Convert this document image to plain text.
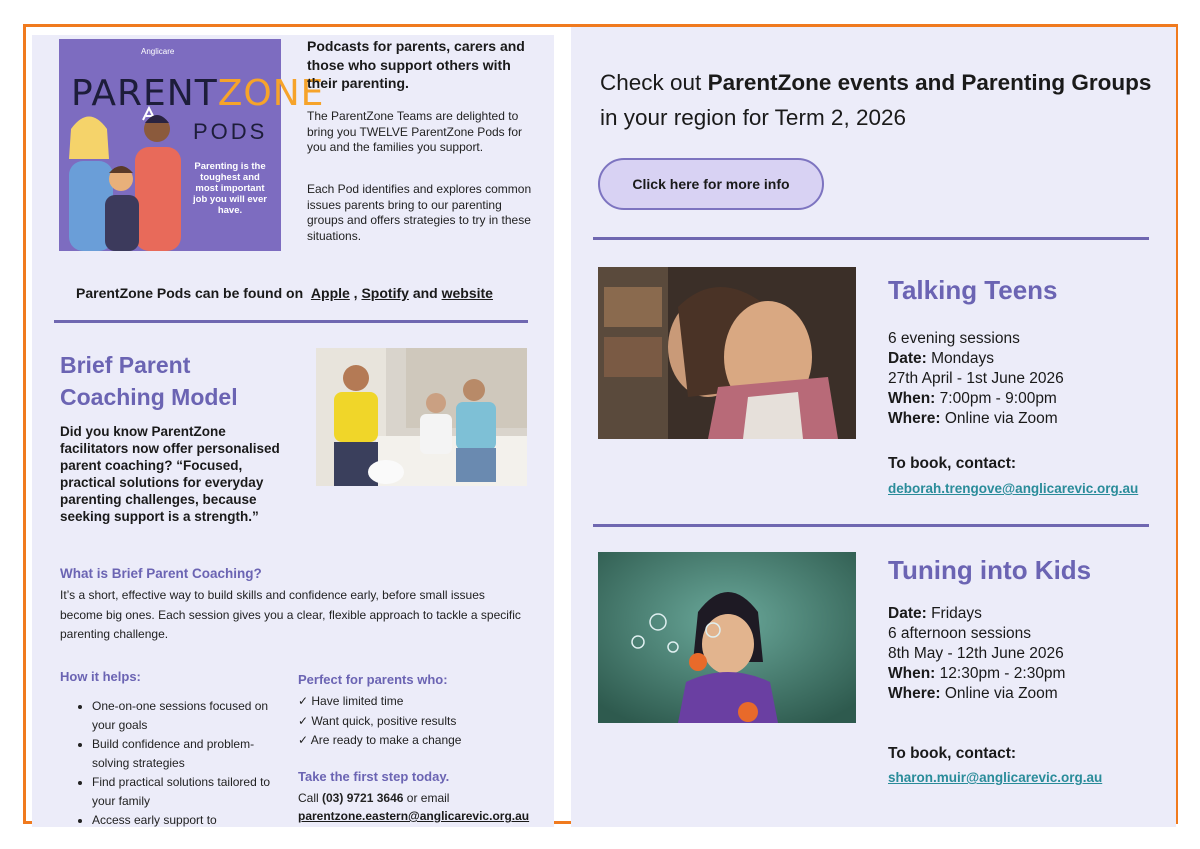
Anglicare
PARENTZONE
PODS
Parenting is the toughest and most important job you will ever have.
Podcasts for parents, carers and those who support others with their parenting.
The ParentZone Teams are delighted to bring you TWELVE ParentZone Pods for you and the families you support.
Each Pod identifies and explores common issues parents bring to our parenting groups and offers strategies to try in these situations.
ParentZone Pods can be found on Apple , Spotify and website
Brief Parent Coaching Model
Did you know ParentZone facilitators now offer personalised parent coaching? “Focused, practical solutions for everyday parenting challenges, because seeking support is a strength.”
What is Brief Parent Coaching?
It’s a short, effective way to build skills and confidence early, before small issues become big ones. Each session gives you a clear, flexible approach to tackle a specific parenting challenge.
How it helps:
• One-on-one sessions focused on your goals
• Build confidence and problem-solving strategies
• Find practical solutions tailored to your family
• Access early support to
Perfect for parents who:
✓ Have limited time
✓ Want quick, positive results
✓ Are ready to make a change
Take the first step today.
Call (03) 9721 3646 or email
parentzone.eastern@anglicarevic.org.au
Check out ParentZone events and Parenting Groups in your region for Term 2, 2026
Click here for more info
Talking Teens
6 evening sessions
Date: Mondays
27th April - 1st June 2026
When: 7:00pm - 9:00pm
Where: Online via Zoom
To book, contact:
deborah.trengove@anglicarevic.org.au
Tuning into Kids
Date: Fridays
6 afternoon sessions
8th May - 12th June 2026
When: 12:30pm - 2:30pm
Where: Online via Zoom
To book, contact:
sharon.muir@anglicarevic.org.au
